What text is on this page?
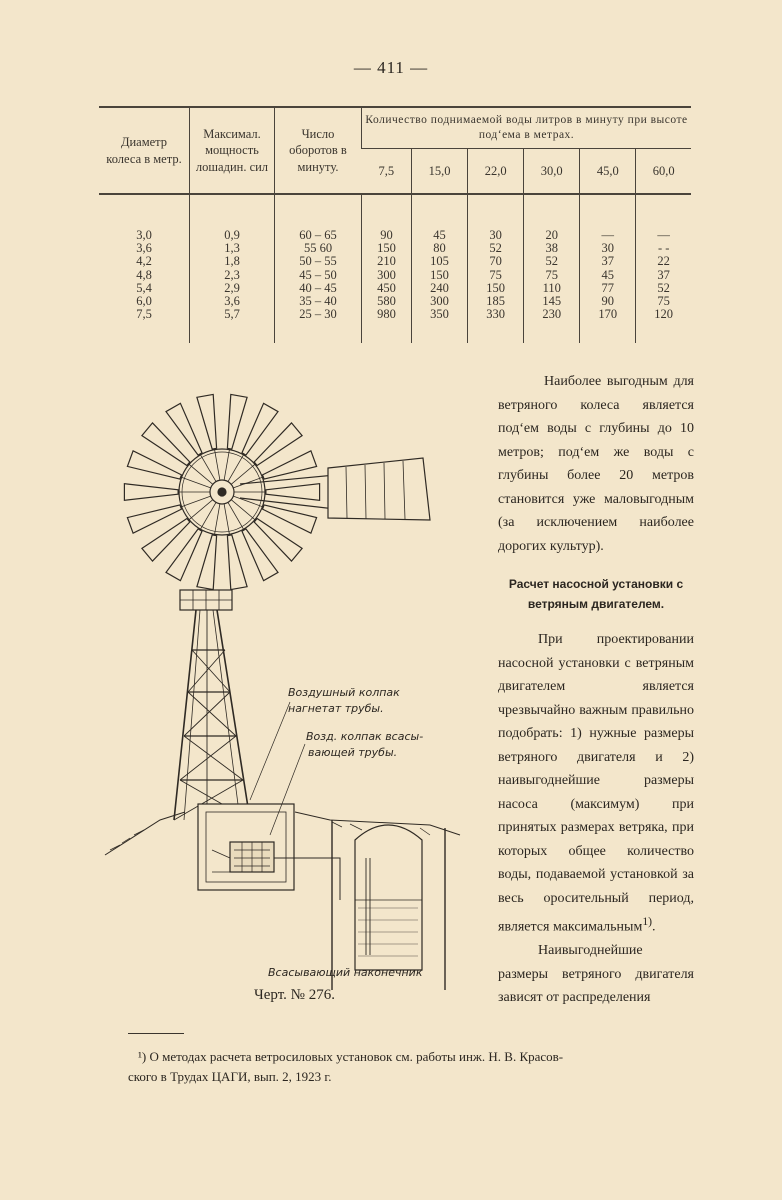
— 411 —
Диаметр колеса в метр.	Максимал. мощность лошадин. сил	Число оборотов в минуту.	Количество поднимаемой воды литров в минуту при высоте под‘ема в метрах.					
			7,5	15,0	22,0	30,0	45,0	60,0
3,0	0,9	60 – 65	90	45	30	20	—	—
3,6	1,3	55 60	150	80	52	38	30	- -
4,2	1,8	50 – 55	210	105	70	52	37	22
4,8	2,3	45 – 50	300	150	75	75	45	37
5,4	2,9	40 – 45	450	240	150	110	77	52
6,0	3,6	35 – 40	580	300	185	145	90	75
7,5	5,7	25 – 30	980	350	330	230	170	120
Воздушный колпак
нагнетат трубы.
Возд. колпак всасы-
вающей трубы.
Всасывающий наконечник
Черт. № 276.

Наиболее выгодным для ветряного колеса является под‘ем воды с глубины до 10 метров; под‘ем же воды с глубины более 20 метров становится уже маловыгодным (за исключением наиболее дорогих культур).

Расчет насосной установки с ветряным двигателем.

При проектировании насосной установки с ветряным двигателем является чрезвычайно важным правильно подобрать: 1) нужные размеры ветряного двигателя и 2) наивыгоднейшие размеры насоса (максимум) при принятых размерах ветряка, при которых общее количество воды, подаваемой установкой за весь оросительный период, является максимальным$^{1)}$.

Наивыгоднейшие размеры ветряного двигателя зависят от распределения

¹) О методах расчета ветросиловых установок см. работы инж. Н. В. Красов-

ского в Трудах ЦАГИ, вып. 2, 1923 г.
